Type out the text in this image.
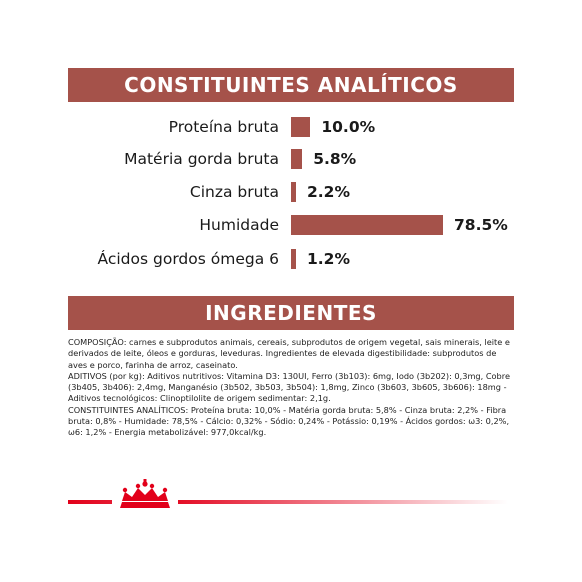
CONSTITUINTES ANALÍTICOS
Proteína bruta	10.0%
Matéria gorda bruta 5.8%
Cinza bruta 2.2%
Humidade	78.5%
Ácidos gordos ómega 6 1.2%
INGREDIENTES

COMPOSIÇÃO: carnes e subprodutos animais, cereais, subprodutos de origem vegetal, sais minerais, leite e derivados de leite, óleos e gorduras, leveduras. Ingredientes de elevada digestibilidade: subprodutos de aves e porco, farinha de arroz, caseinato.

ADITIVOS (por kg): Aditivos nutritivos: Vitamina D3: 130UI, Ferro (3b103): 6mg, Iodo (3b202): 0,3mg, Cobre (3b405, 3b406): 2,4mg, Manganésio (3b502, 3b503, 3b504): 1,8mg, Zinco (3b603, 3b605, 3b606): 18mg - Aditivos tecnológicos: Clinoptilolite de origem sedimentar: 2,1g.

CONSTITUINTES ANALÍTICOS: Proteína bruta: 10,0% - Matéria gorda bruta: 5,8% - Cinza bruta: 2,2% - Fibra bruta: 0,8% - Humidade: 78,5% - Cálcio: 0,32% - Sódio: 0,24% - Potássio: 0,19% - Ácidos gordos: ω3: 0,2%, ω6: 1,2% - Energia metabolizável: 977,0kcal/kg.
